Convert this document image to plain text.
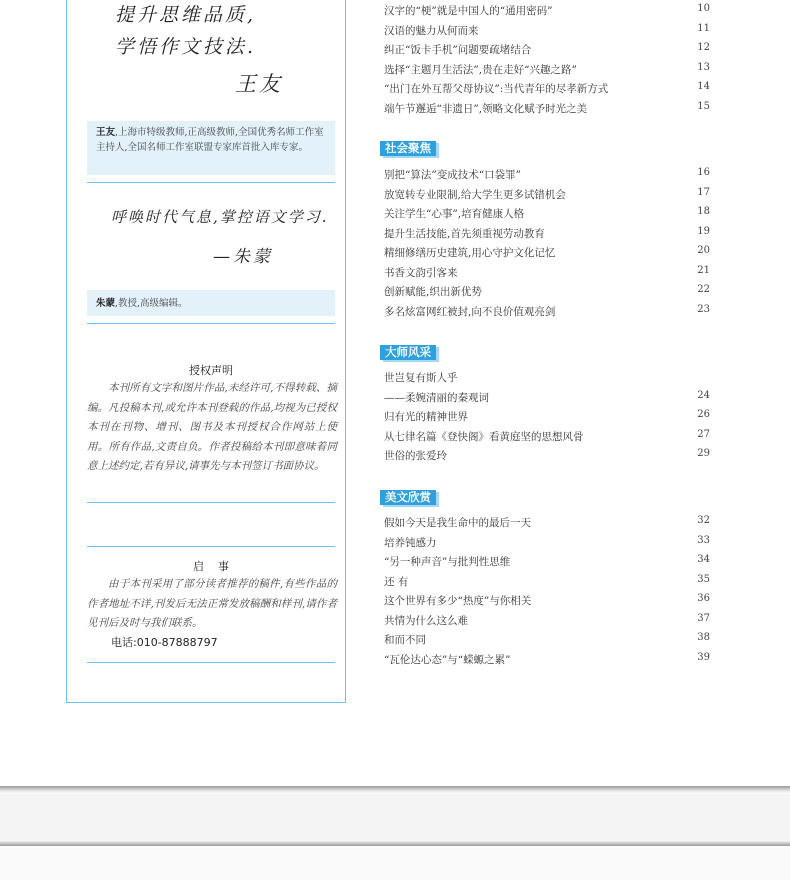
提升思维品质,
学悟作文技法.
王友
王友,上海市特级教师,正高级教师,全国优秀名师工作室主持人,全国名师工作室联盟专家库首批入库专家。
呼唤时代气息,掌控语文学习.
—朱蒙
朱蒙,教授,高级编辑。
授权声明
本刊所有文字和图片作品,未经许可,不得转载、摘编。凡投稿本刊,或允许本刊登载的作品,均视为已授权本刊在刊物、增刊、图书及本刊授权合作网站上使用。所有作品,文责自负。作者投稿给本刊即意味着同意上述约定,若有异议,请事先与本刊签订书面协议。
启事
由于本刊采用了部分读者推荐的稿件,有些作品的作者地址不详,刊发后无法正常发放稿酬和样刊,请作者见刊后及时与我们联系。
电话:010-87888797
汉字的“梗”就是中国人的“通用密码”	10
汉语的魅力从何而来	11
纠正“饭卡手机”问题要疏堵结合	12
选择“主题月生活法”,贵在走好“兴趣之路”	13
“出门在外互帮父母协议”:当代青年的尽孝新方式	14
端午节邂逅“非遗日”,领略文化赋予时光之美	15
社会聚焦
别把“算法”变成技术“口袋罪”	16
放宽转专业限制,给大学生更多试错机会	17
关注学生“心事”,培育健康人格	18
提升生活技能,首先须重视劳动教育	19
精细修缮历史建筑,用心守护文化记忆	20
书香文韵引客来	21
创新赋能,织出新优势	22
多名炫富网红被封,向不良价值观亮剑	23
大师风采
世岂复有斯人乎
——柔婉清丽的秦观词	24
归有光的精神世界	26
从七律名篇《登快阁》看黄庭坚的思想风骨	27
世俗的张爱玲	29
美文欣赏
假如今天是我生命中的最后一天	32
培养钝感力	33
“另一种声音”与批判性思维	34
还 有	35
这个世界有多少“热度”与你相关	36
共情为什么这么难	37
和而不同	38
“瓦伦达心态”与“蝾螈之累”	39
